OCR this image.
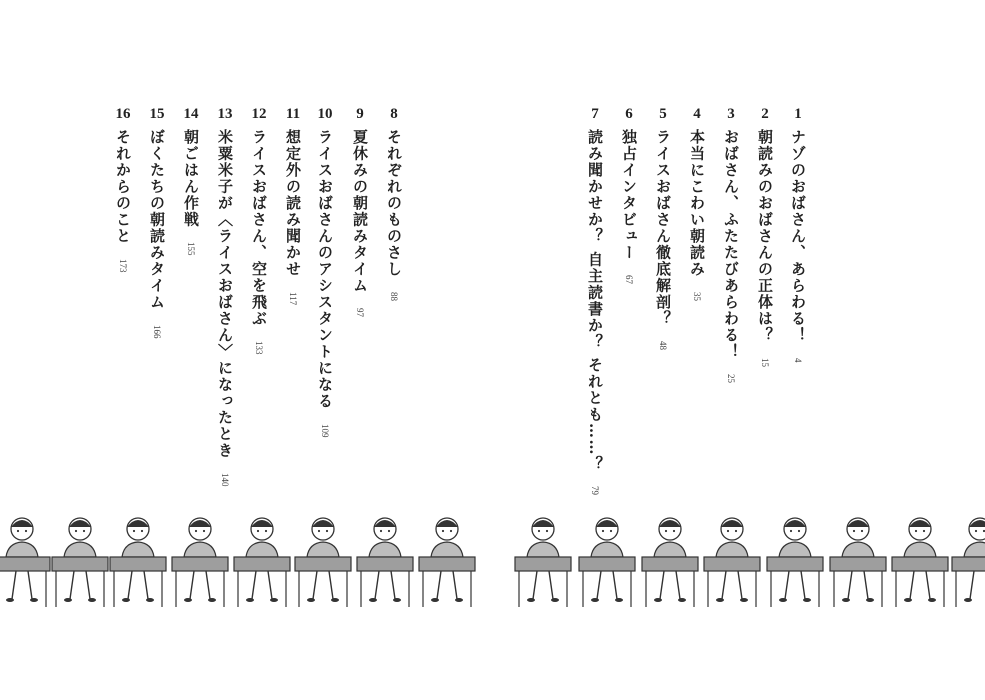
1
ナゾのおばさん、あらわる！
4
2
朝読みのおばさんの正体は？
15
3
おばさん、ふたたびあらわる！
25
4
本当にこわい朝読み
35
5
ライスおばさん徹底解剖？
48
6
独占インタビュー
67
7
読み聞かせか？ 自主読書か？ それとも……？
79
8
それぞれのものさし
88
9
夏休みの朝読みタイム
97
10
ライスおばさんのアシスタントになる
109
11
想定外の読み聞かせ
117
12
ライスおばさん、空を飛ぶ
133
13
米粟米子が〈ライスおばさん〉になったとき
140
14
朝ごはん作戦
155
15
ぼくたちの朝読みタイム
166
16
それからのこと
173
